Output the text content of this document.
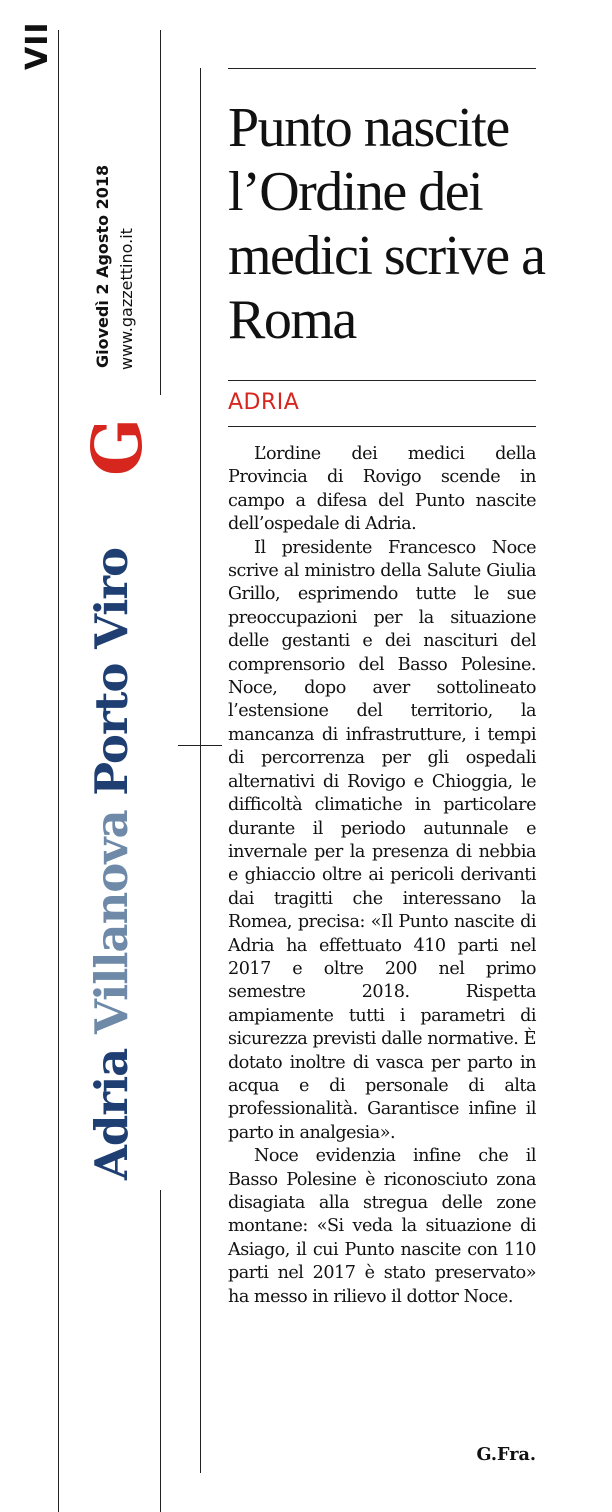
VII
Adria Villanova Porto Viro
G
Giovedì 2 Agosto 2018 www.gazzettino.it
Punto nascite l’Ordine dei medici scrive a Roma
ADRIA

L’ordine dei medici della Provincia di Rovigo scende in campo a difesa del Punto nascite dell’ospedale di Adria.

Il presidente Francesco Noce scrive al ministro della Salute Giulia Grillo, esprimendo tutte le sue preoccupazioni per la situazione delle gestanti e dei nascituri del comprensorio del Basso Polesine. Noce, dopo aver sottolineato l’estensione del territorio, la mancanza di infrastrutture, i tempi di percorrenza per gli ospedali alternativi di Rovigo e Chioggia, le difficoltà climatiche in particolare durante il periodo autunnale e invernale per la presenza di nebbia e ghiaccio oltre ai pericoli derivanti dai tragitti che interessano la Romea, precisa: «Il Punto nascite di Adria ha effettuato 410 parti nel 2017 e oltre 200 nel primo semestre 2018. Rispetta ampiamente tutti i parametri di sicurezza previsti dalle normative. È dotato inoltre di vasca per parto in acqua e di personale di alta professionalità. Garantisce infine il parto in analgesia».

Noce evidenzia infine che il Basso Polesine è riconosciuto zona disagiata alla stregua delle zone montane: «Si veda la situazione di Asiago, il cui Punto nascite con 110 parti nel 2017 è stato preservato» ha messo in rilievo il dottor Noce.

G.Fra.
